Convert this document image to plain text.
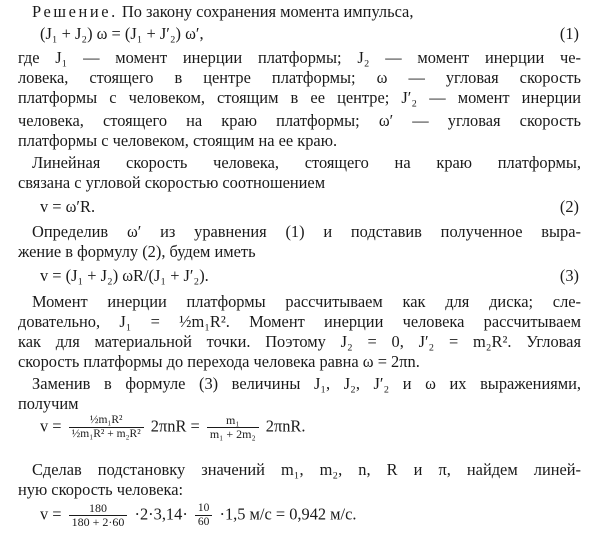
Решение. По закону сохранения момента импульса,
(J₁ + J₂) ω = (J₁ + J′₂) ω′,	(1)
где J₁ — момент инерции платформы; J₂ — момент инерции че-
ловека, стоящего в центре платформы; ω — угловая скорость
платформы с человеком, стоящим в ее центре; J′₂ — момент инерции
человека, стоящего на краю платформы; ω′ — угловая скорость
платформы с человеком, стоящим на ее краю.
Линейная скорость человека, стоящего на краю платформы,
связана с угловой скоростью соотношением
v = ω′R.	(2)
Определив ω′ из уравнения (1) и подставив полученное выра-
жение в формулу (2), будем иметь
v = (J₁ + J₂) ωR/(J₁ + J′₂).	(3)
Момент инерции платформы рассчитываем как для диска; сле-
довательно, J₁ = ½m₁R². Момент инерции человека рассчитываем
как для материальной точки. Поэтому J₂ = 0, J′₂ = m₂R². Угловая
скорость платформы до перехода человека равна ω = 2πn.
Заменив в формуле (3) величины J₁, J₂, J′₂ и ω их выражениями,
получим
$v = \frac{\text{½m₁R²}}{\text{½m₁R² + m₂R²}} 2\pi nR = \frac{\text{m₁}}{\text{m₁ + 2m₂}} 2\pi nR$.
Сделав подстановку значений m₁, m₂, n, R и π, найдем линей-
ную скорость человека:
$v = \frac{180}{180 + 2\cdot 60} \cdot 2\cdot 3,14\cdot \frac{10}{60} \cdot 1,5$ м/с = 0,942 м/с.
